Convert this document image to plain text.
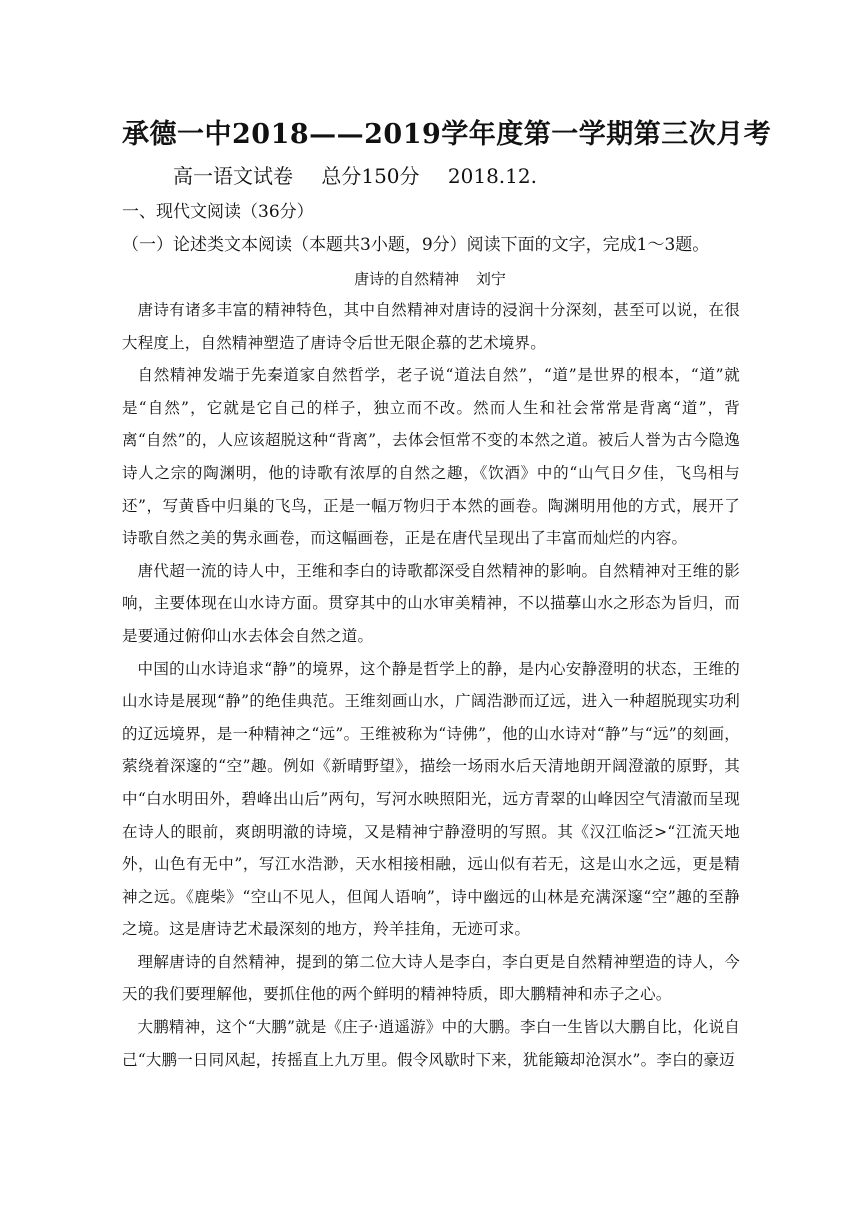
承德一中2018——2019学年度第一学期第三次月考
高一语文试卷 总分150分 2018.12.
一、现代文阅读（36分）
（一）论述类文本阅读（本题共3小题，9分）阅读下面的文字，完成1～3题。
唐诗的自然精神 刘宁

唐诗有诸多丰富的精神特色，其中自然精神对唐诗的浸润十分深刻，甚至可以说，在很大程度上，自然精神塑造了唐诗令后世无限企慕的艺术境界。

自然精神发端于先秦道家自然哲学，老子说“道法自然”，“道”是世界的根本，“道”就是“自然”，它就是它自己的样子，独立而不改。然而人生和社会常常是背离“道”，背离“自然”的，人应该超脱这种“背离”，去体会恒常不变的本然之道。被后人誉为古今隐逸诗人之宗的陶渊明，他的诗歌有浓厚的自然之趣，《饮酒》中的“山气日夕佳，飞鸟相与还”，写黄昏中归巢的飞鸟，正是一幅万物归于本然的画卷。陶渊明用他的方式，展开了诗歌自然之美的隽永画卷，而这幅画卷，正是在唐代呈现出了丰富而灿烂的内容。

唐代超一流的诗人中，王维和李白的诗歌都深受自然精神的影响。自然精神对王维的影响，主要体现在山水诗方面。贯穿其中的山水审美精神，不以描摹山水之形态为旨归，而是要通过俯仰山水去体会自然之道。

中国的山水诗追求“静”的境界，这个静是哲学上的静，是内心安静澄明的状态，王维的山水诗是展现“静”的绝佳典范。王维刻画山水，广阔浩渺而辽远，进入一种超脱现实功利的辽远境界，是一种精神之“远”。王维被称为“诗佛”，他的山水诗对“静”与“远”的刻画，萦绕着深邃的“空”趣。例如《新晴野望》，描绘一场雨水后天清地朗开阔澄澈的原野，其中“白水明田外，碧峰出山后”两句，写河水映照阳光，远方青翠的山峰因空气清澈而呈现在诗人的眼前，爽朗明澈的诗境，又是精神宁静澄明的写照。其《汉江临泛>“江流天地外，山色有无中”，写江水浩渺，天水相接相融，远山似有若无，这是山水之远，更是精神之远。《鹿柴》“空山不见人，但闻人语响”，诗中幽远的山林是充满深邃“空”趣的至静之境。这是唐诗艺术最深刻的地方，羚羊挂角，无迹可求。

理解唐诗的自然精神，提到的第二位大诗人是李白，李白更是自然精神塑造的诗人，今天的我们要理解他，要抓住他的两个鲜明的精神特质，即大鹏精神和赤子之心。

大鹏精神，这个“大鹏”就是《庄子·逍遥游》中的大鹏。李白一生皆以大鹏自比，化说自己“大鹏一日同风起，抟摇直上九万里。假令风歇时下来，犹能簸却沧溟水”。李白的豪迈
